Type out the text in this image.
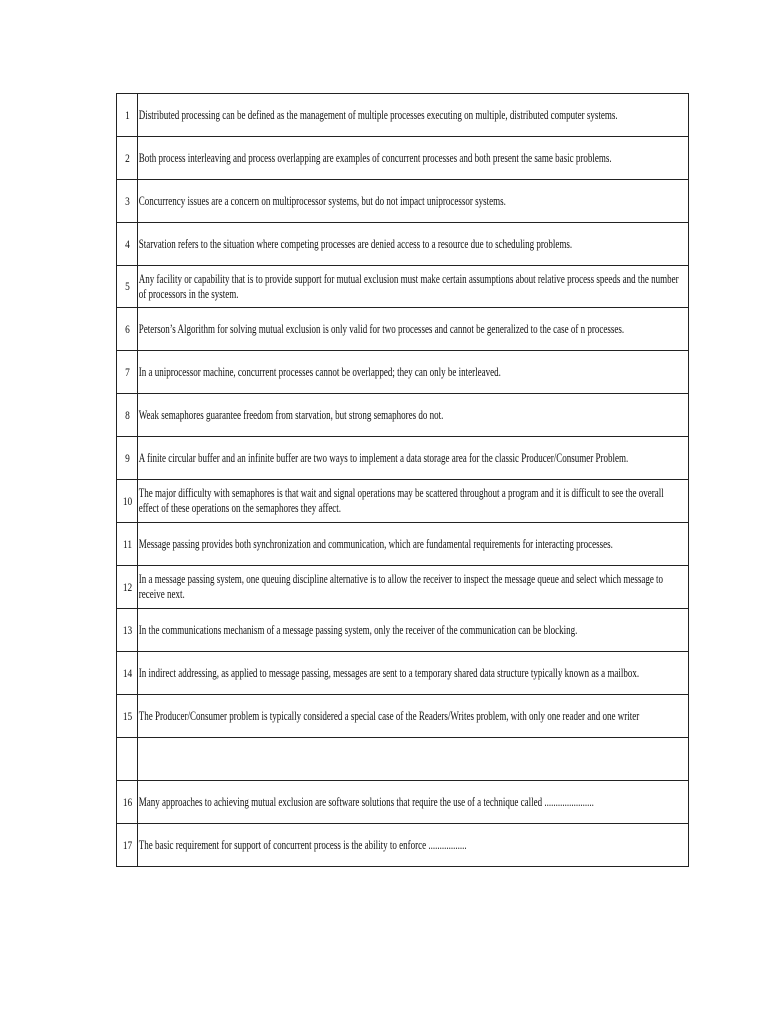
1	Distributed processing can be defined as the management of multiple processes executing on multiple, distributed computer systems.

2	Both process interleaving and process overlapping are examples of concurrent processes and both present the same basic problems.

3	Concurrency issues are a concern on multiprocessor systems, but do not impact uniprocessor systems.

4	Starvation refers to the situation where competing processes are denied access to a resource due to scheduling problems.

5	Any facility or capability that is to provide support for mutual exclusion must make certain assumptions about relative process speeds and the number of processors in the system.

6	Peterson’s Algorithm for solving mutual exclusion is only valid for two processes and cannot be generalized to the case of n processes.

7	In a uniprocessor machine, concurrent processes cannot be overlapped; they can only be interleaved.

8	Weak semaphores guarantee freedom from starvation, but strong semaphores do not.

9	A finite circular buffer and an infinite buffer are two ways to implement a data storage area for the classic Producer/Consumer Problem.

10	The major difficulty with semaphores is that wait and signal operations may be scattered throughout a program and it is difficult to see the overall effect of these operations on the semaphores they affect.

11	Message passing provides both synchronization and communication, which are fundamental requirements for interacting processes.

12	In a message passing system, one queuing discipline alternative is to allow the receiver to inspect the message queue and select which message to receive next.

13	In the communications mechanism of a message passing system, only the receiver of the communication can be blocking.

14	In indirect addressing, as applied to message passing, messages are sent to a temporary shared data structure typically known as a mailbox.

15	The Producer/Consumer problem is typically considered a special case of the Readers/Writes problem, with only one reader and one writer

16	Many approaches to achieving mutual exclusion are software solutions that require the use of a technique called ......................

17	The basic requirement for support of concurrent process is the ability to enforce .................
